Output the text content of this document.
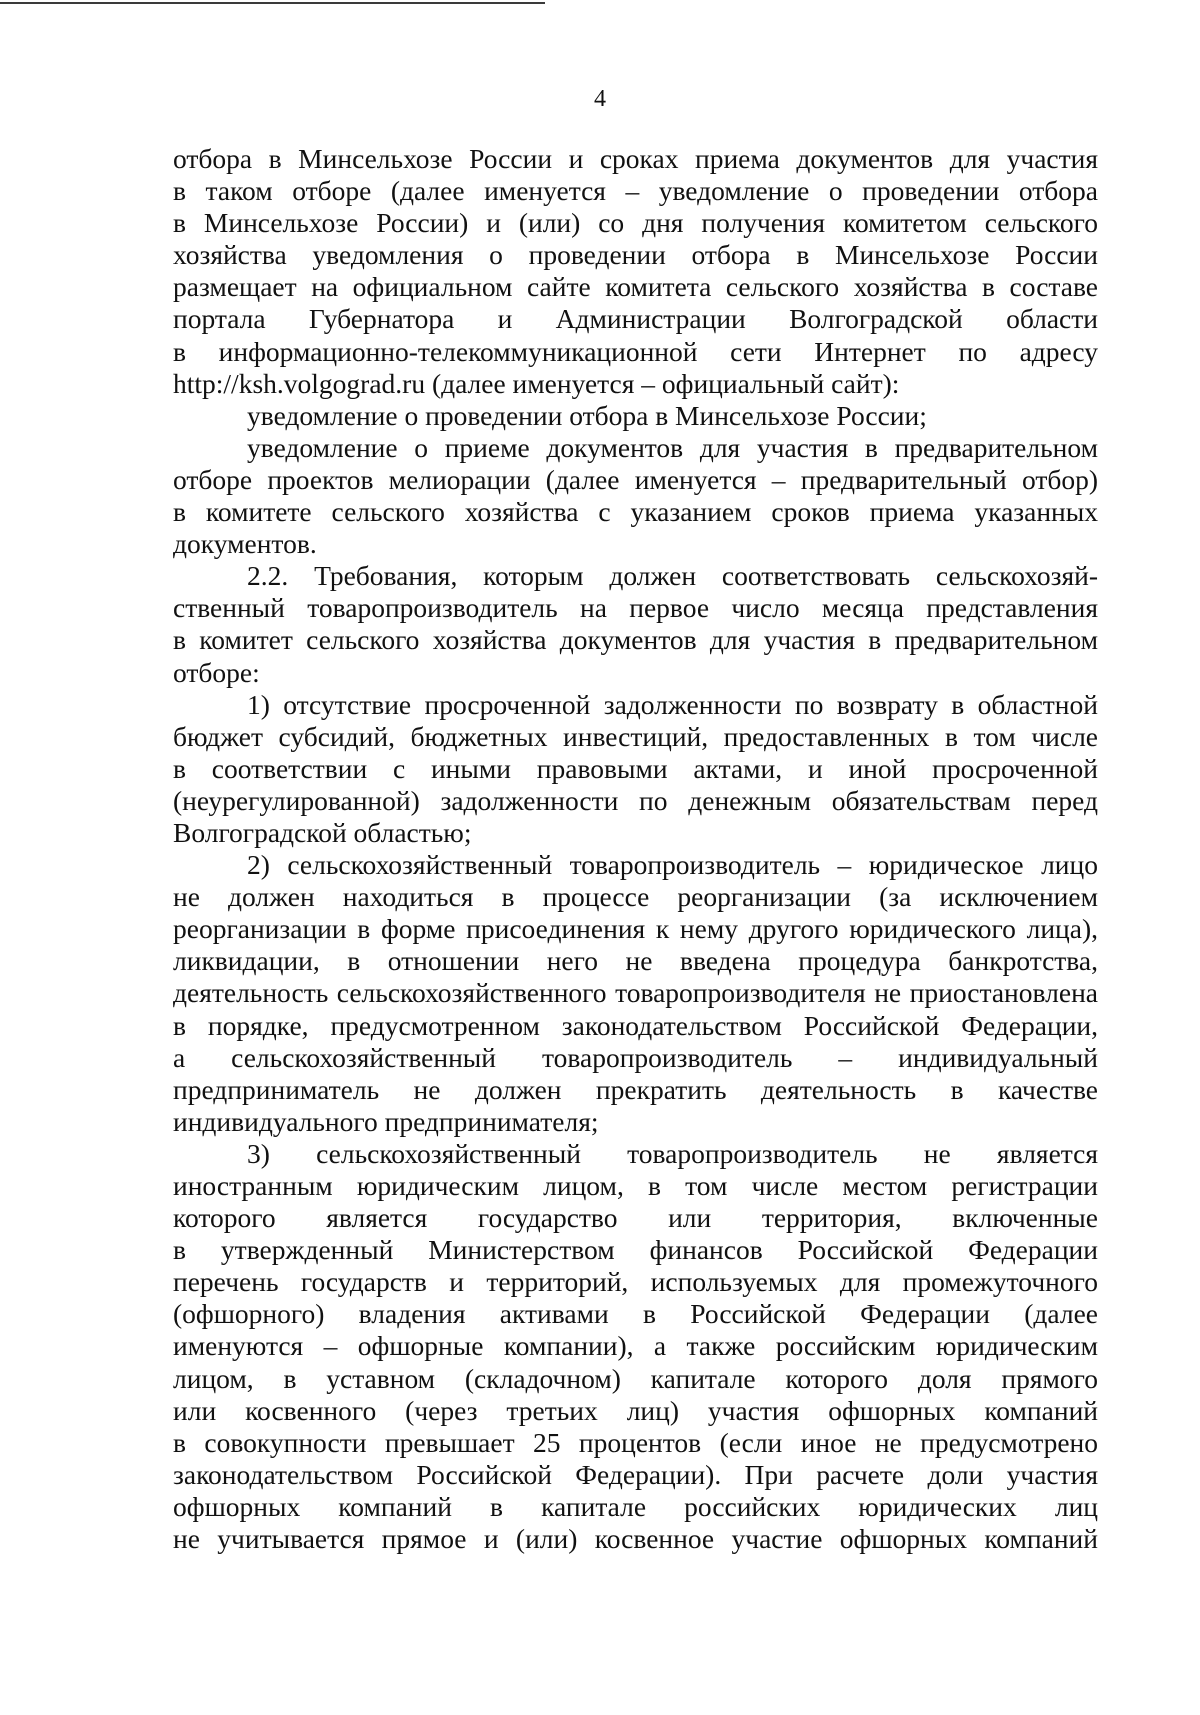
4

отбора в Минсельхозе России и сроках приема документов для участия
в таком отборе (далее именуется – уведомление о проведении отбора
в Минсельхозе России) и (или) со дня получения комитетом сельского
хозяйства уведомления о проведении отбора в Минсельхозе России
размещает на официальном сайте комитета сельского хозяйства в составе
портала Губернатора и Администрации Волгоградской области
в информационно-телекоммуникационной сети Интернет по адресу
http://ksh.volgograd.ru (далее именуется – официальный сайт):

уведомление о проведении отбора в Минсельхозе России;

уведомление о приеме документов для участия в предварительном
отборе проектов мелиорации (далее именуется – предварительный отбор)
в комитете сельского хозяйства с указанием сроков приема указанных
документов.

2.2. Требования, которым должен соответствовать сельскохозяй-
ственный товаропроизводитель на первое число месяца представления
в комитет сельского хозяйства документов для участия в предварительном
отборе:

1) отсутствие просроченной задолженности по возврату в областной
бюджет субсидий, бюджетных инвестиций, предоставленных в том числе
в соответствии с иными правовыми актами, и иной просроченной
(неурегулированной) задолженности по денежным обязательствам перед
Волгоградской областью;

2) сельскохозяйственный товаропроизводитель – юридическое лицо
не должен находиться в процессе реорганизации (за исключением
реорганизации в форме присоединения к нему другого юридического лица),
ликвидации, в отношении него не введена процедура банкротства,
деятельность сельскохозяйственного товаропроизводителя не приостановлена
в порядке, предусмотренном законодательством Российской Федерации,
а сельскохозяйственный товаропроизводитель – индивидуальный
предприниматель не должен прекратить деятельность в качестве
индивидуального предпринимателя;

3) сельскохозяйственный товаропроизводитель не является
иностранным юридическим лицом, в том числе местом регистрации
которого является государство или территория, включенные
в утвержденный Министерством финансов Российской Федерации
перечень государств и территорий, используемых для промежуточного
(офшорного) владения активами в Российской Федерации (далее
именуются – офшорные компании), а также российским юридическим
лицом, в уставном (складочном) капитале которого доля прямого
или косвенного (через третьих лиц) участия офшорных компаний
в совокупности превышает 25 процентов (если иное не предусмотрено
законодательством Российской Федерации). При расчете доли участия
офшорных компаний в капитале российских юридических лиц
не учитывается прямое и (или) косвенное участие офшорных компаний
